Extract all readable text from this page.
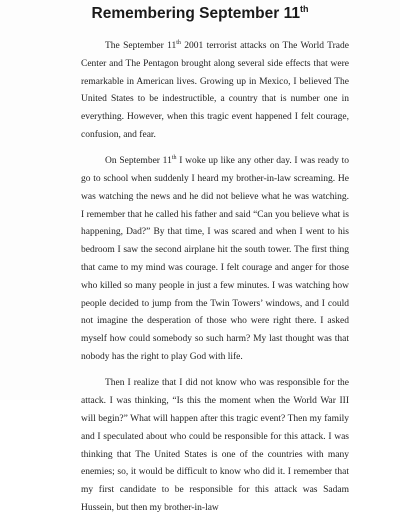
Remembering September 11th

The September 11th 2001 terrorist attacks on The World Trade Center and The Pentagon brought along several side effects that were remarkable in American lives. Growing up in Mexico, I believed The United States to be indestructible, a country that is number one in everything. However, when this tragic event happened I felt courage, confusion, and fear.

On September 11th I woke up like any other day. I was ready to go to school when suddenly I heard my brother-in-law screaming. He was watching the news and he did not believe what he was watching. I remember that he called his father and said “Can you believe what is happening, Dad?” By that time, I was scared and when I went to his bedroom I saw the second airplane hit the south tower. The first thing that came to my mind was courage. I felt courage and anger for those who killed so many people in just a few minutes. I was watching how people decided to jump from the Twin Towers’ windows, and I could not imagine the desperation of those who were right there. I asked myself how could somebody so such harm? My last thought was that nobody has the right to play God with life.

Then I realize that I did not know who was responsible for the attack. I was thinking, “Is this the moment when the World War III will begin?” What will happen after this tragic event? Then my family and I speculated about who could be responsible for this attack. I was thinking that The United States is one of the countries with many enemies; so, it would be difficult to know who did it. I remember that my first candidate to be responsible for this attack was Sadam Hussein, but then my brother-in-law
